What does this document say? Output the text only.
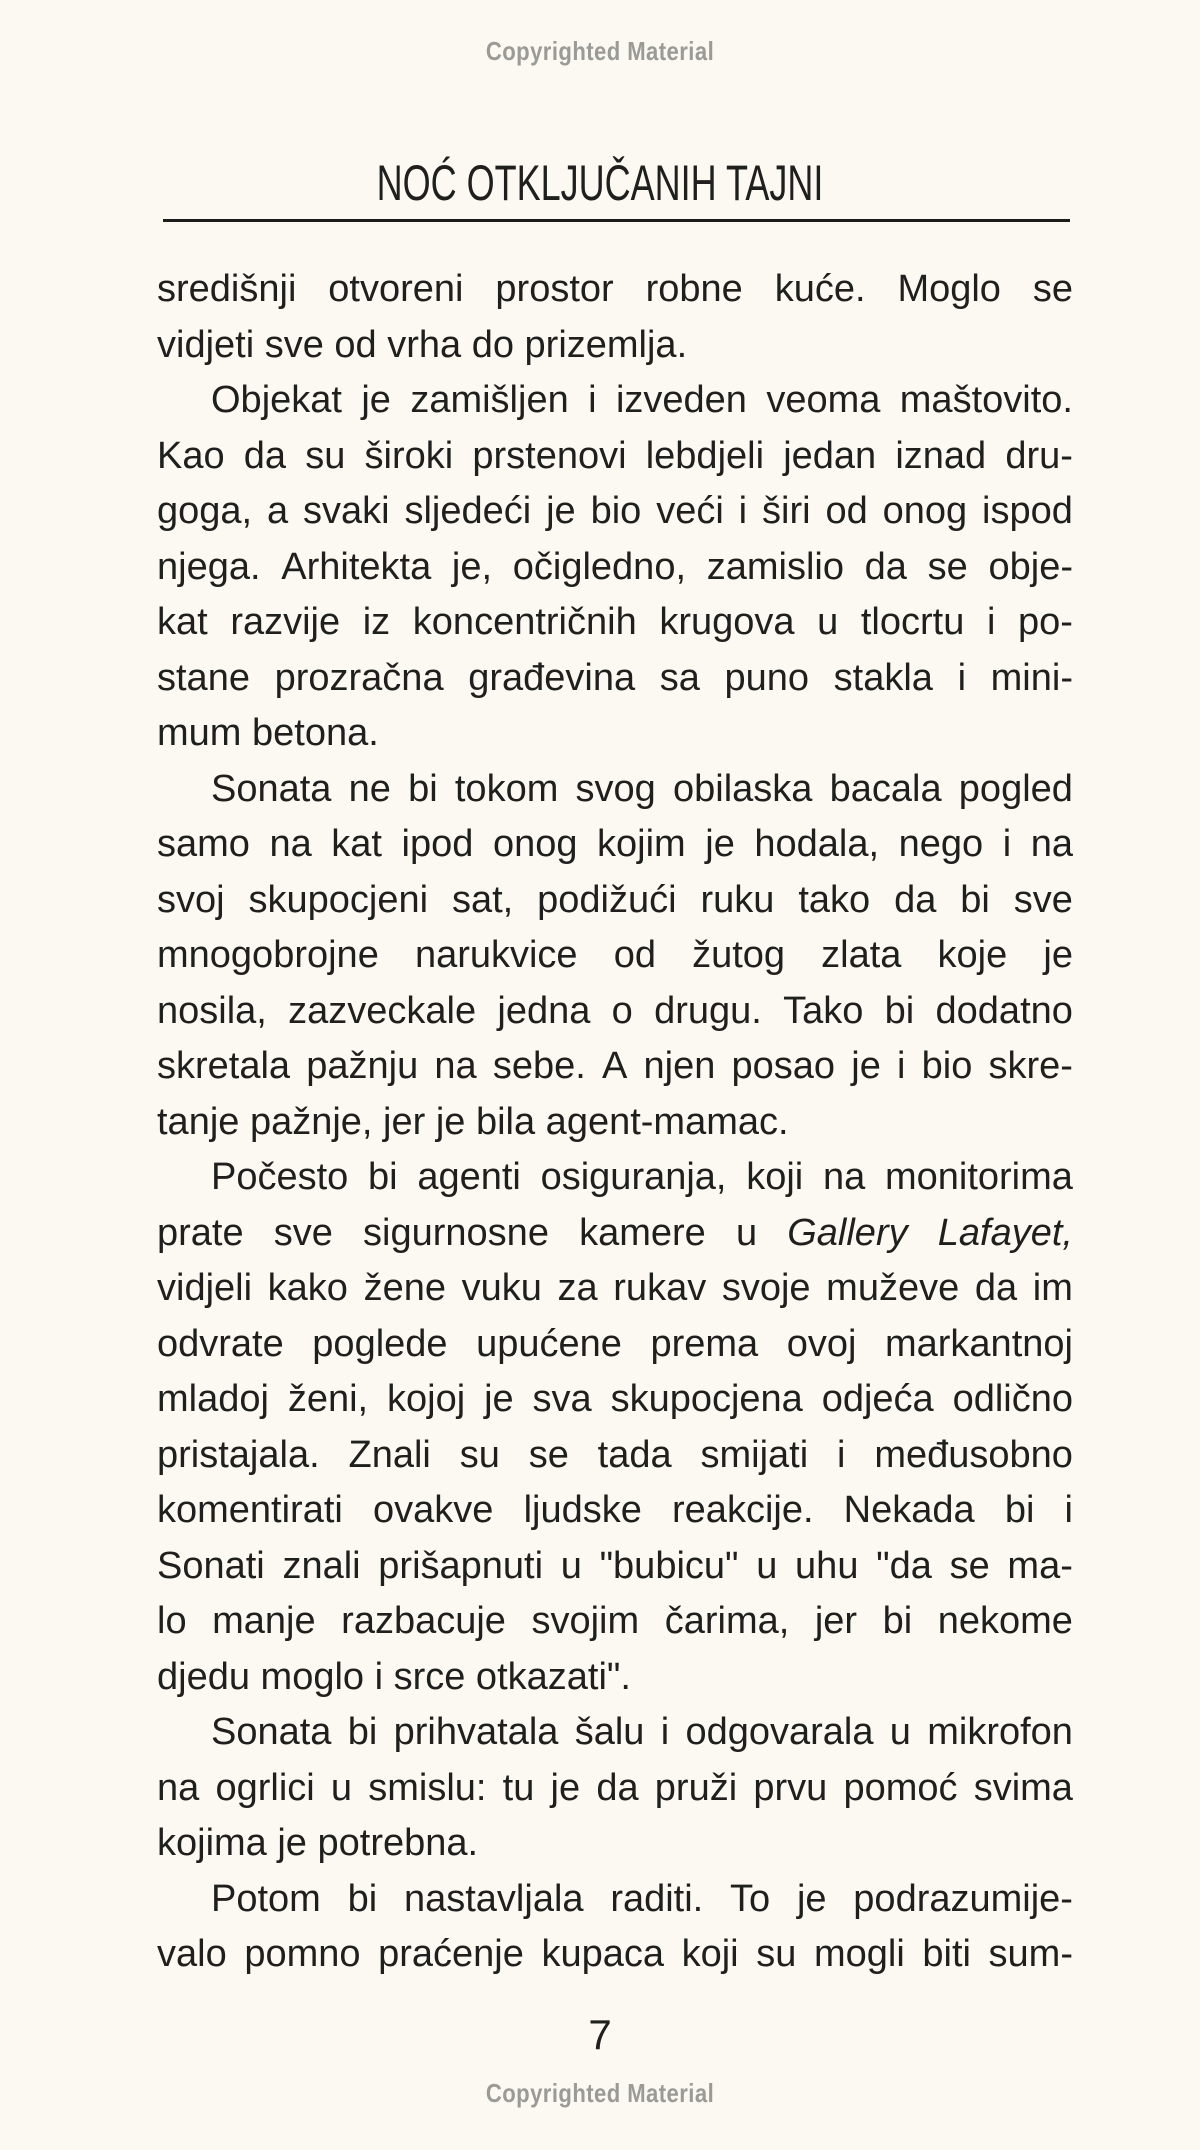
Copyrighted Material
NOĆ OTKLJUČANIH TAJNI
središnji otvoreni prostor robne kuće. Moglo se
vidjeti sve od vrha do prizemlja.
Objekat je zamišljen i izveden veoma maštovito.
Kao da su široki prstenovi lebdjeli jedan iznad dru-
goga, a svaki sljedeći je bio veći i širi od onog ispod
njega. Arhitekta je, očigledno, zamislio da se obje-
kat razvije iz koncentričnih krugova u tlocrtu i po-
stane prozračna građevina sa puno stakla i mini-
mum betona.
Sonata ne bi tokom svog obilaska bacala pogled
samo na kat ipod onog kojim je hodala, nego i na
svoj skupocjeni sat, podižući ruku tako da bi sve
mnogobrojne narukvice od žutog zlata koje je
nosila, zazveckale jedna o drugu. Tako bi dodatno
skretala pažnju na sebe. A njen posao je i bio skre-
tanje pažnje, jer je bila agent-mamac.
Počesto bi agenti osiguranja, koji na monitorima
prate sve sigurnosne kamere u Gallery Lafayet,
vidjeli kako žene vuku za rukav svoje muževe da im
odvrate poglede upućene prema ovoj markantnoj
mladoj ženi, kojoj je sva skupocjena odjeća odlično
pristajala. Znali su se tada smijati i međusobno
komentirati ovakve ljudske reakcije. Nekada bi i
Sonati znali prišapnuti u "bubicu" u uhu "da se ma-
lo manje razbacuje svojim čarima, jer bi nekome
djedu moglo i srce otkazati".
Sonata bi prihvatala šalu i odgovarala u mikrofon
na ogrlici u smislu: tu je da pruži prvu pomoć svima
kojima je potrebna.
Potom bi nastavljala raditi. To je podrazumije-
valo pomno praćenje kupaca koji su mogli biti sum-
7
Copyrighted Material
